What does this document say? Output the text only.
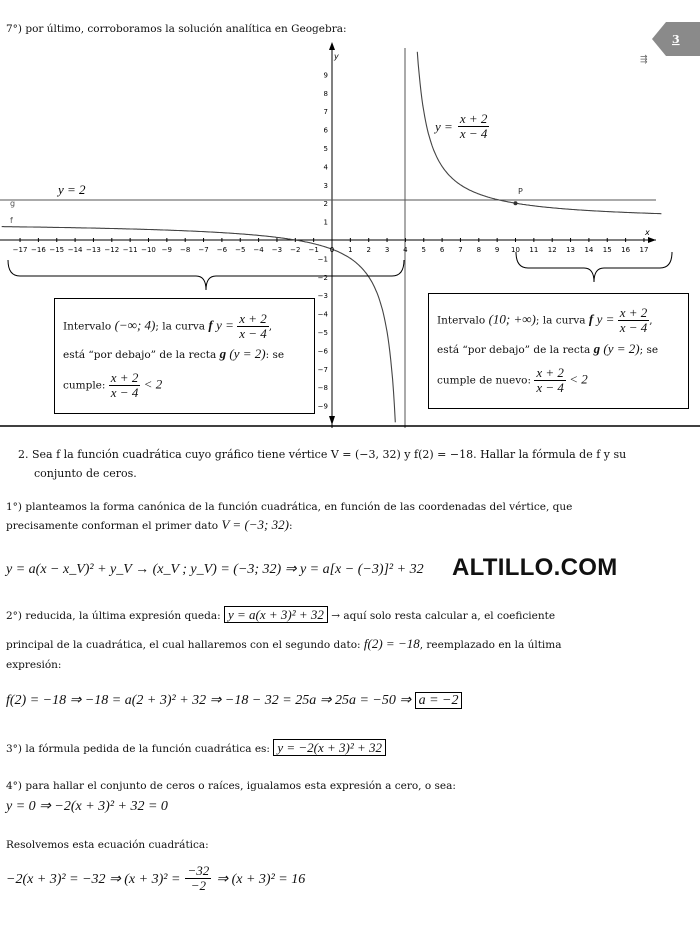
7°) por último, corroboramos la solución analítica en Geogebra:
3
P
−17 −16 −15 −14 −13 −12 −11 −10 −9 −8 −7 −6 −5 −4 −3 −2 −1 0 1 2 3 4 5 6 7 8 9 10 11 12 13 14 15 16 17
1
2
3
4
5
6
7
8
9
−1
−2
−3
−4
−5
−6
−7
−8
−9
x
y
y = 2
g
f
⇶
$y = \frac{x + 2}{x - 4}$
Intervalo (−∞; 4); la curva f $y = \frac{x + 2}{x - 4}$ ,
está “por debajo” de la recta g (y = 2): se
cumple: $\frac{x + 2}{x - 4} < 2$
Intervalo (10; +∞); la curva f $y = \frac{x + 2}{x - 4}$ ,
está “por debajo” de la recta g (y = 2); se
cumple de nuevo: $\frac{x + 2}{x - 4} < 2$
2. Sea f la función cuadrática cuyo gráfico tiene vértice V = (−3, 32) y f(2) = −18. Hallar la fórmula de f y su
conjunto de ceros.
1°) planteamos la forma canónica de la función cuadrática, en función de las coordenadas del vértice, que
precisamente conforman el primer dato V = (−3; 32):
y = a(x − x_V)² + y_V → (x_V ; y_V) = (−3; 32) ⇒ y = a[x − (−3)]² + 32 ALTILLO.COM
2°) reducida, la última expresión queda: y = a(x + 3)² + 32 → aquí solo resta calcular a, el coeficiente
principal de la cuadrática, el cual hallaremos con el segundo dato: f(2) = −18, reemplazado en la última
expresión:
f(2) = −18 ⇒ −18 = a(2 + 3)² + 32 ⇒ −18 − 32 = 25a ⇒ 25a = −50 ⇒ a = −2
3°) la fórmula pedida de la función cuadrática es: y = −2(x + 3)² + 32
4°) para hallar el conjunto de ceros o raíces, igualamos esta expresión a cero, o sea:
y = 0 ⇒ −2(x + 3)² + 32 = 0
Resolvemos esta ecuación cuadrática:
−2(x + 3)² = −32 ⇒ $(x + 3)^2 = \frac{-32}{-2}$ ⇒ (x + 3)² = 16
